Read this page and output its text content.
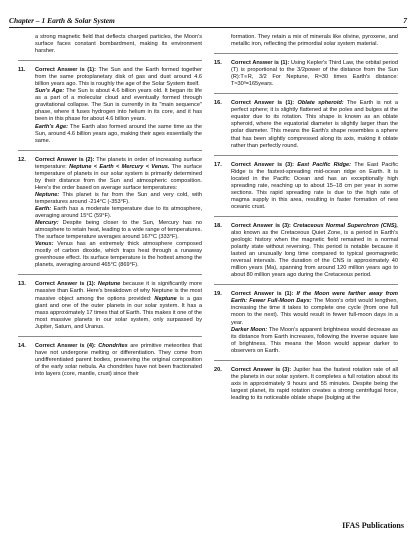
Chapter – 1 Earth & Solar System	7

a strong magnetic field that deflects charged particles, the Moon's surface faces constant bombardment, making its environment harsher.

11.	Correct Answer is (1): The Sun and the Earth formed together from the same protoplanetary disk of gas and dust around 4.6 billion years ago. This is roughly the age of the Solar System itself.

Sun's Age: The Sun is about 4.6 billion years old. It began its life as a part of a molecular cloud and eventually formed through gravitational collapse. The Sun is currently in its "main sequence" phase, where it fuses hydrogen into helium in its core, and it has been in this phase for about 4.6 billion years.

Earth's Age: The Earth also formed around the same time as the Sun, around 4.6 billion years ago, making their ages essentially the same.

12.	Correct Answer is (2): The planets in order of increasing surface temperature: Neptune < Earth < Mercury < Venus. The surface temperature of planets in our solar system is primarily determined by their distance from the Sun and atmospheric composition. Here's the order based on average surface temperatures:

Neptune: This planet is far from the Sun and very cold, with temperatures around -214°C (-353°F).

Earth: Earth has a moderate temperature due to its atmosphere, averaging around 15°C (59°F).

Mercury: Despite being closer to the Sun, Mercury has no atmosphere to retain heat, leading to a wide range of temperatures. The surface temperature averages around 167°C (333°F).

Venus: Venus has an extremely thick atmosphere composed mostly of carbon dioxide, which traps heat through a runaway greenhouse effect. Its surface temperature is the hottest among the planets, averaging around 465°C (869°F).

13.	Correct Answer is (1): Neptune because it is significantly more massive than Earth. Here's breakdown of why Neptune is the most massive object among the options provided: Neptune is a gas giant and one of the outer planets in our solar system. It has a mass approximately 17 times that of Earth. This makes it one of the most massive planets in our solar system, only surpassed by Jupiter, Saturn, and Uranus.

14.	Correct Answer is (4): Chondrites are primitive meteorites that have not undergone melting or differentiation. They come from undifferentiated parent bodies, preserving the original composition of the early solar nebula. As chondrites have not been fractionated into layers (core, mantle, crust) since their

formation. They retain a mix of minerals like olivine, pyroxene, and metallic iron, reflecting the primordial solar system material.

15.	Correct Answer is (1): Using Kepler's Third Law, the orbital period (T) is proportional to the 3/2power of the distance from the Sun (R):T∝R, 3/2 For Neptune, R≈30 times Earth's distance: T≈30³=165years.

16.	Correct Answer is (1): Oblate spheroid: The Earth is not a perfect sphere; it is slightly flattened at the poles and bulges at the equator due to its rotation. This shape is known as an oblate spheroid, where the equatorial diameter is slightly larger than the polar diameter. This means the Earth's shape resembles a sphere that has been slightly compressed along its axis, making it oblate rather than perfectly round.

17.	Correct Answer is (3): East Pacific Ridge: The East Pacific Ridge is the fastest-spreading mid-ocean ridge on Earth. It is located in the Pacific Ocean and has an exceptionally high spreading rate, reaching up to about 15–18 cm per year in some sections. This rapid spreading rate is due to the high rate of magma supply in this area, resulting in faster formation of new oceanic crust.

18.	Correct Answer is (3): Cretaceous Normal Superchron (CNS), also known as the Cretaceous Quiet Zone, is a period in Earth's geologic history when the magnetic field remained in a normal polarity state without reversing. This period is notable because it lasted an unusually long time compared to typical geomagnetic reversal intervals. The duration of the CNS is approximately 40 million years (Ma), spanning from around 120 million years ago to about 80 million years ago during the Cretaceous period.

19.	Correct Answer is (1): If the Moon were farther away from Earth: Fewer Full-Moon Days: The Moon's orbit would lengthen, increasing the time it takes to complete one cycle (from one full moon to the next). This would result in fewer full-moon days in a year.

Darker Moon: The Moon's apparent brightness would decrease as its distance from Earth increases, following the inverse square law of brightness. This means the Moon would appear darker to observers on Earth.

20.	Correct Answer is (3): Jupiter has the fastest rotation rate of all the planets in our solar system. It completes a full rotation about its axis in approximately 9 hours and 55 minutes. Despite being the largest planet, its rapid rotation creates a strong centrifugal force, leading to its noticeable oblate shape (bulging at the

IFAS Publications
